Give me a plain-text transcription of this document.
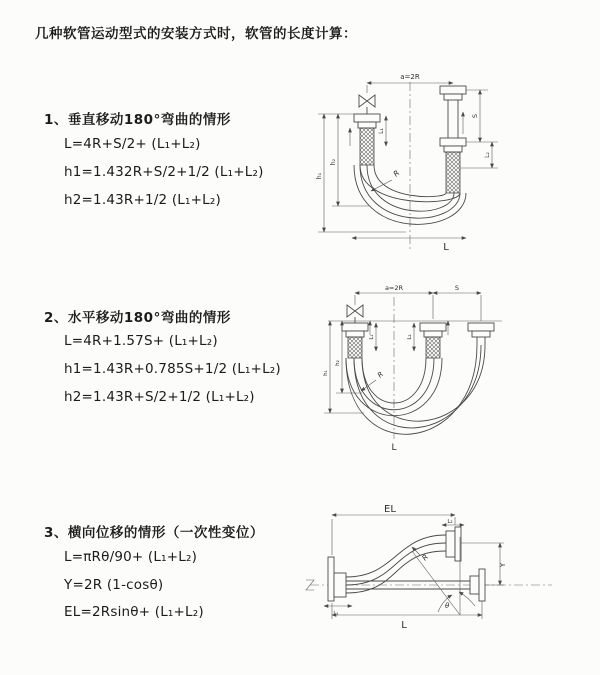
几种软管运动型式的安装方式时，软管的长度计算：
1、垂直移动180°弯曲的情形
L=4R+S/2+ (L₁+L₂)
h1=1.432R+S/2+1/2 (L₁+L₂)
h2=1.43R+1/2 (L₁+L₂)
2、水平移动180°弯曲的情形
L=4R+1.57S+ (L₁+L₂)
h1=1.43R+0.785S+1/2 (L₁+L₂)
h2=1.43R+S/2+1/2 (L₁+L₂)
3、横向位移的情形（一次性变位）
L=πRθ/90+ (L₁+L₂)
Y=2R (1-cosθ)
EL=2Rsinθ+ (L₁+L₂)
a=2R
L₁
S
L₂
R
h₂
h₁
L
a=2R	S
L₁	L₂
R
h₂
h₁
L
EL
L₂
Y
θ
R
L₁
L
